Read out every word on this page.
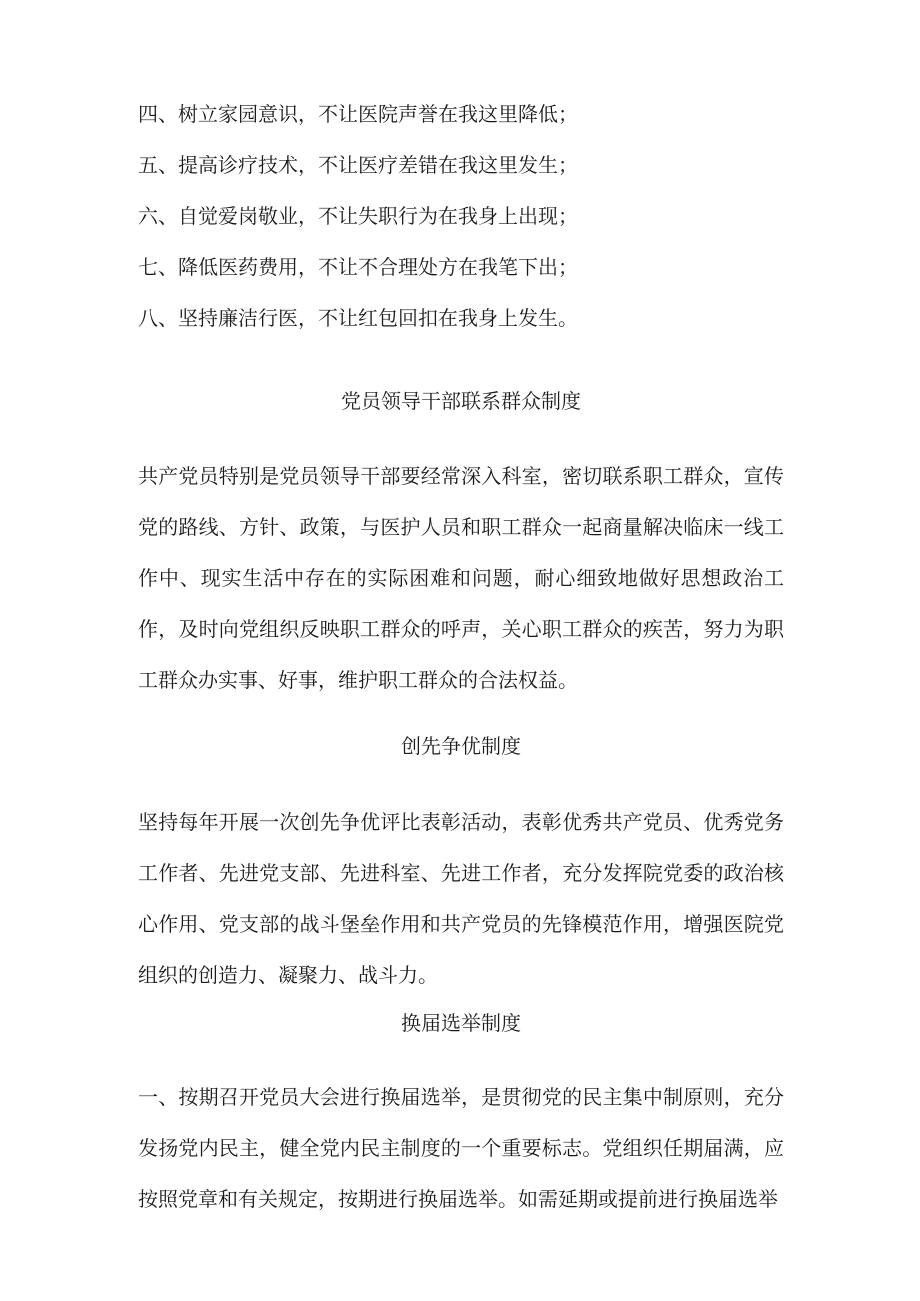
四、树立家园意识，不让医院声誉在我这里降低；
五、提高诊疗技术，不让医疗差错在我这里发生；
六、自觉爱岗敬业，不让失职行为在我身上出现；
七、降低医药费用，不让不合理处方在我笔下出；
八、坚持廉洁行医，不让红包回扣在我身上发生。
党员领导干部联系群众制度
共产党员特别是党员领导干部要经常深入科室，密切联系职工群众，宣传党的路线、方针、政策，与医护人员和职工群众一起商量解决临床一线工作中、现实生活中存在的实际困难和问题，耐心细致地做好思想政治工作，及时向党组织反映职工群众的呼声，关心职工群众的疾苦，努力为职工群众办实事、好事，维护职工群众的合法权益。
创先争优制度
坚持每年开展一次创先争优评比表彰活动，表彰优秀共产党员、优秀党务工作者、先进党支部、先进科室、先进工作者，充分发挥院党委的政治核心作用、党支部的战斗堡垒作用和共产党员的先锋模范作用，增强医院党组织的创造力、凝聚力、战斗力。
换届选举制度
一、按期召开党员大会进行换届选举，是贯彻党的民主集中制原则，充分发扬党内民主，健全党内民主制度的一个重要标志。党组织任期届满，应按照党章和有关规定，按期进行换届选举。如需延期或提前进行换届选举
